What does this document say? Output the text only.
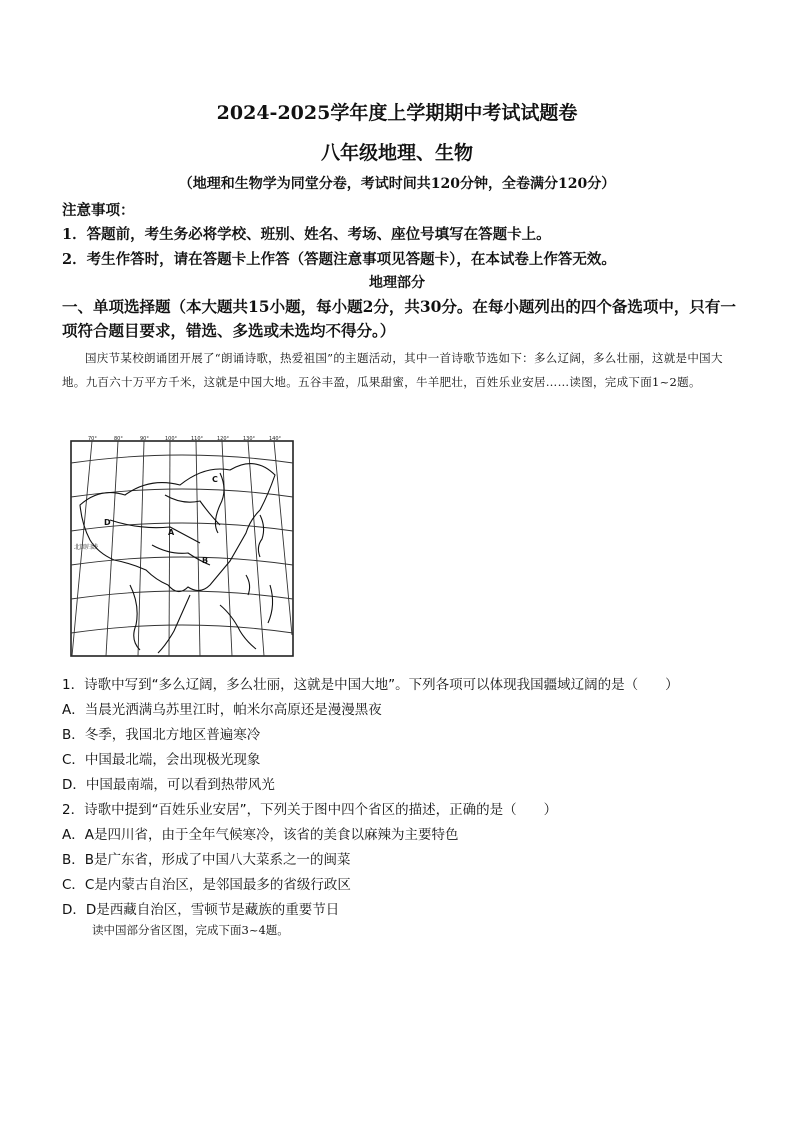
2024-2025学年度上学期期中考试试题卷
八年级地理、生物
（地理和生物学为同堂分卷，考试时间共120分钟，全卷满分120分）
注意事项：
1．答题前，考生务必将学校、班别、姓名、考场、座位号填写在答题卡上。
2．考生作答时，请在答题卡上作答（答题注意事项见答题卡），在本试卷上作答无效。
地理部分
一、单项选择题（本大题共15小题，每小题2分，共30分。在每小题列出的四个备选项中，只有一项符合题目要求，错选、多选或未选均不得分。）
国庆节某校朗诵团开展了“朗诵诗歌，热爱祖国”的主题活动，其中一首诗歌节选如下：多么辽阔，多么壮丽，这就是中国大地。九百六十万平方千米，这就是中国大地。五谷丰盈，瓜果甜蜜，牛羊肥壮，百姓乐业安居……读图，完成下面1~2题。
70°	80°	90°	100°	110°	120°	130°	140°
A
B
C
D
北回归线
1．诗歌中写到“多么辽阔，多么壮丽，这就是中国大地”。下列各项可以体现我国疆域辽阔的是（　　）
A．当晨光洒满乌苏里江时，帕米尔高原还是漫漫黑夜
B．冬季，我国北方地区普遍寒冷
C．中国最北端，会出现极光现象
D．中国最南端，可以看到热带风光
2．诗歌中提到“百姓乐业安居”，下列关于图中四个省区的描述，正确的是（　　）
A．A是四川省，由于全年气候寒冷，该省的美食以麻辣为主要特色
B．B是广东省，形成了中国八大菜系之一的闽菜
C．C是内蒙古自治区，是邻国最多的省级行政区
D．D是西藏自治区，雪顿节是藏族的重要节日
读中国部分省区图，完成下面3~4题。
